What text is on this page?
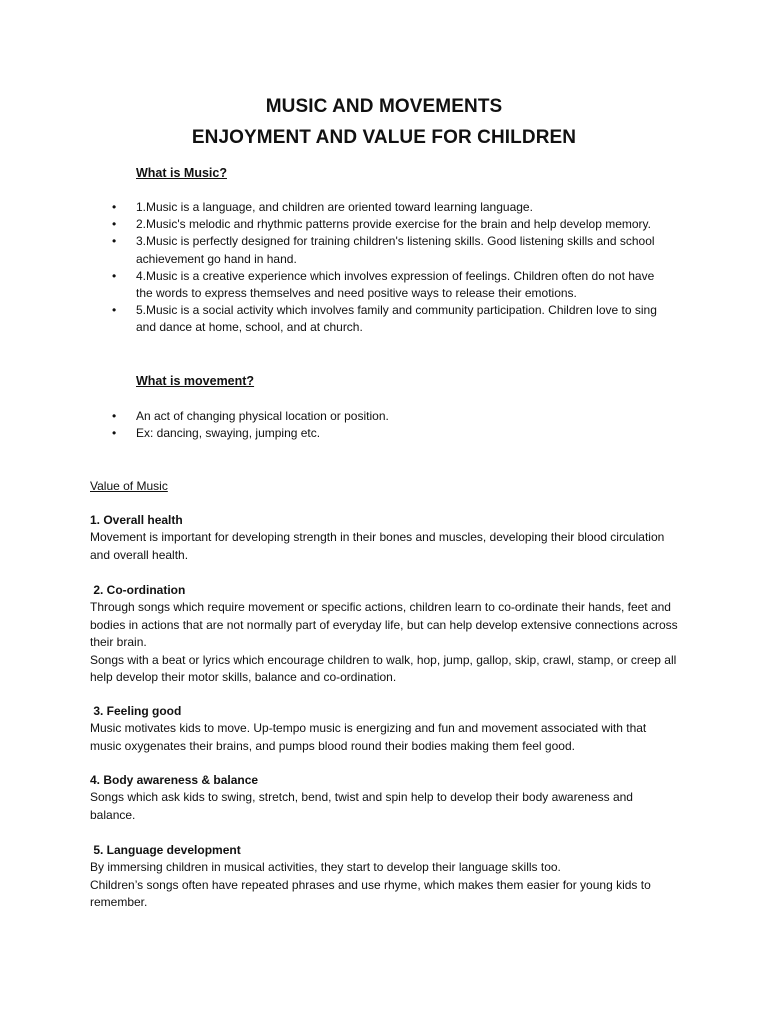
MUSIC AND MOVEMENTS
ENJOYMENT AND VALUE FOR CHILDREN
What is Music?
• 1.Music is a language, and children are oriented toward learning language.
• 2.Music's melodic and rhythmic patterns provide exercise for the brain and help develop memory.
• 3.Music is perfectly designed for training children's listening skills. Good listening skills and school achievement go hand in hand.
• 4.Music is a creative experience which involves expression of feelings. Children often do not have the words to express themselves and need positive ways to release their emotions.
• 5.Music is a social activity which involves family and community participation. Children love to sing and dance at home, school, and at church.
What is movement?
• An act of changing physical location or position.
• Ex: dancing, swaying, jumping etc.
Value of Music
1. Overall health
Movement is important for developing strength in their bones and muscles, developing their blood circulation and overall health.
2. Co-ordination
Through songs which require movement or specific actions, children learn to co-ordinate their hands, feet and bodies in actions that are not normally part of everyday life, but can help develop extensive connections across their brain.
Songs with a beat or lyrics which encourage children to walk, hop, jump, gallop, skip, crawl, stamp, or creep all help develop their motor skills, balance and co-ordination.
3. Feeling good
Music motivates kids to move. Up-tempo music is energizing and fun and movement associated with that music oxygenates their brains, and pumps blood round their bodies making them feel good.
4. Body awareness & balance
Songs which ask kids to swing, stretch, bend, twist and spin help to develop their body awareness and balance.
5. Language development
By immersing children in musical activities, they start to develop their language skills too.
Children’s songs often have repeated phrases and use rhyme, which makes them easier for young kids to remember.
